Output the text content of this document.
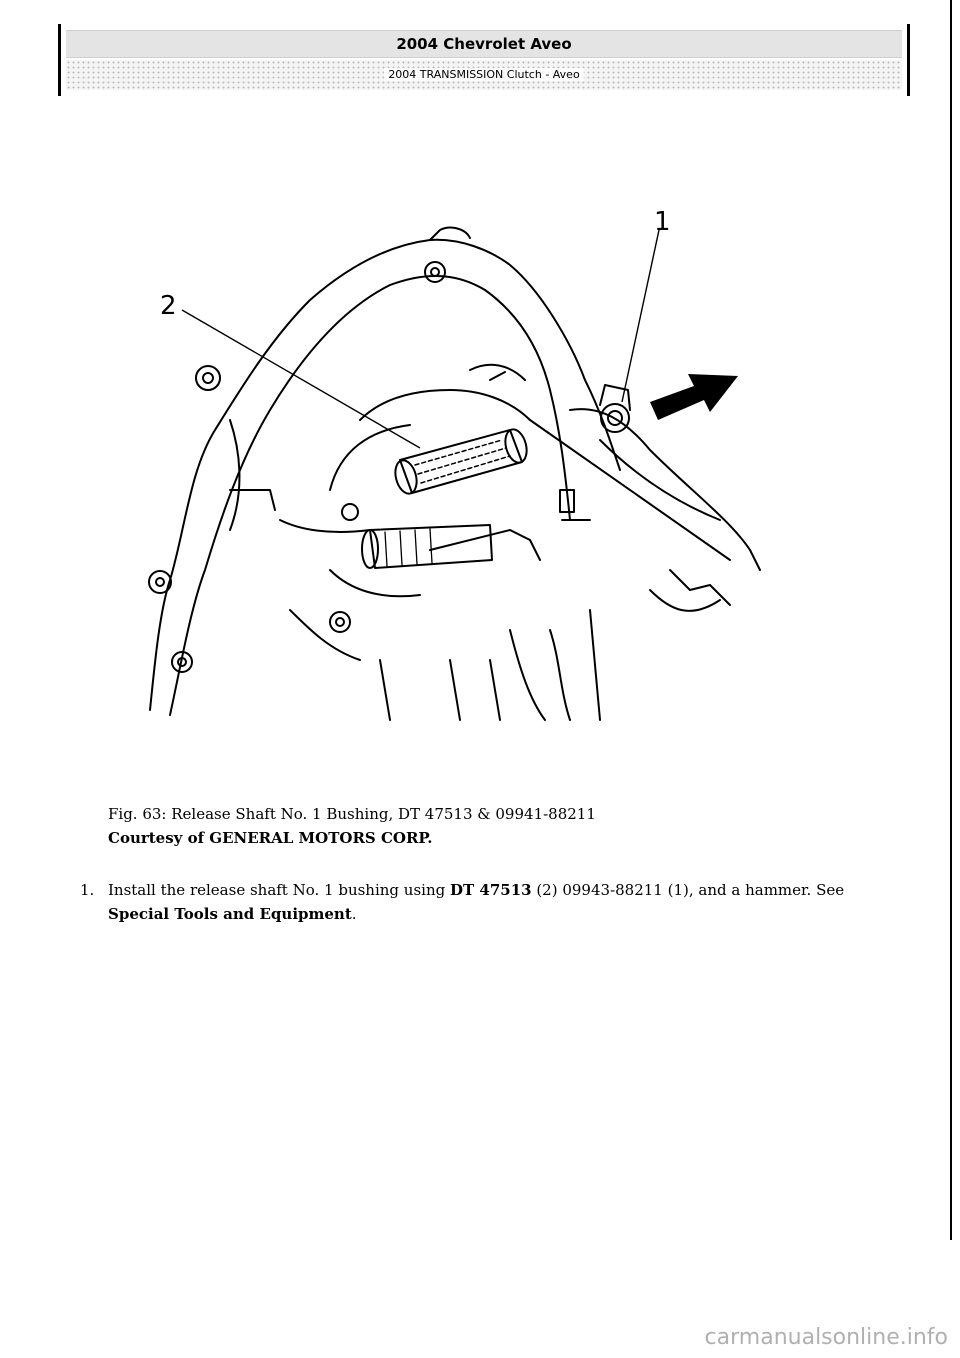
2004 Chevrolet Aveo
2004 TRANSMISSION Clutch - Aveo
2
1
Fig. 63: Release Shaft No. 1 Bushing, DT 47513 & 09941-88211
Courtesy of GENERAL MOTORS CORP.
1. Install the release shaft No. 1 bushing using DT 47513 (2) 09943-88211 (1), and a hammer. See Special Tools and Equipment.
carmanualsonline.info
